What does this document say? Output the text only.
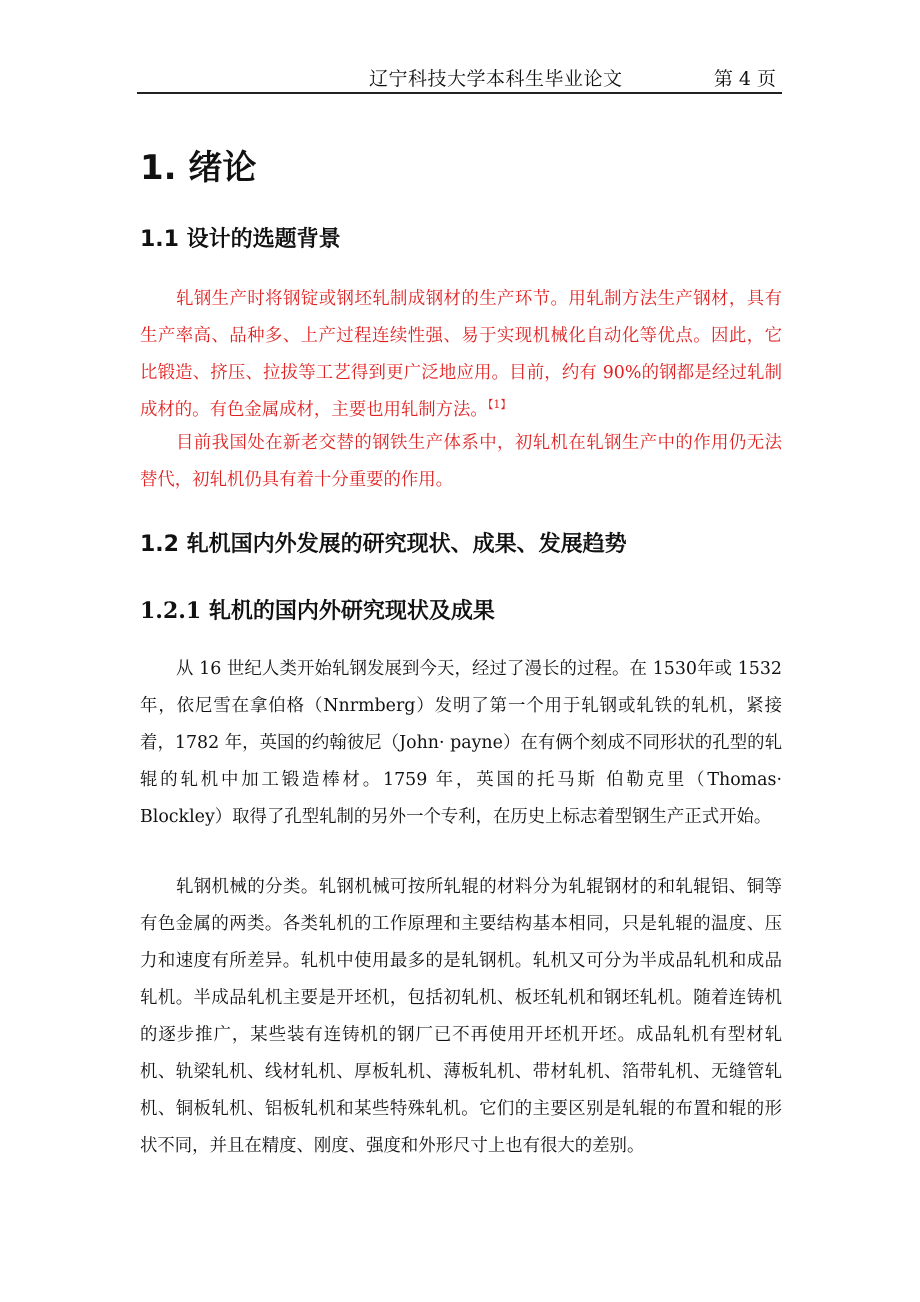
辽宁科技大学本科生毕业论文	第 4 页
1. 绪论
1.1 设计的选题背景

轧钢生产时将钢锭或钢坯轧制成钢材的生产环节。用轧制方法生产钢材，具有生产率高、品种多、上产过程连续性强、易于实现机械化自动化等优点。因此，它比锻造、挤压、拉拔等工艺得到更广泛地应用。目前，约有 90%的钢都是经过轧制成材的。有色金属成材，主要也用轧制方法。$^{【1】}$

目前我国处在新老交替的钢铁生产体系中，初轧机在轧钢生产中的作用仍无法替代，初轧机仍具有着十分重要的作用。

1.2 轧机国内外发展的研究现状、成果、发展趋势
1.2.1 轧机的国内外研究现状及成果

从 16 世纪人类开始轧钢发展到今天，经过了漫长的过程。在 1530年或 1532年，依尼雪在拿伯格（Nnrmberg）发明了第一个用于轧钢或轧铁的轧机，紧接着，1782 年，英国的约翰彼尼（John· payne）在有俩个刻成不同形状的孔型的轧辊的轧机中加工锻造棒材。1759 年，英国的托马斯 伯勒克里（Thomas· Blockley）取得了孔型轧制的另外一个专利，在历史上标志着型钢生产正式开始。

轧钢机械的分类。轧钢机械可按所轧辊的材料分为轧辊钢材的和轧辊铝、铜等有色金属的两类。各类轧机的工作原理和主要结构基本相同，只是轧辊的温度、压力和速度有所差异。轧机中使用最多的是轧钢机。轧机又可分为半成品轧机和成品轧机。半成品轧机主要是开坯机，包括初轧机、板坯轧机和钢坯轧机。随着连铸机的逐步推广，某些装有连铸机的钢厂已不再使用开坯机开坯。成品轧机有型材轧机、轨梁轧机、线材轧机、厚板轧机、薄板轧机、带材轧机、箔带轧机、无缝管轧机、铜板轧机、铝板轧机和某些特殊轧机。它们的主要区别是轧辊的布置和辊的形状不同，并且在精度、刚度、强度和外形尺寸上也有很大的差别。
